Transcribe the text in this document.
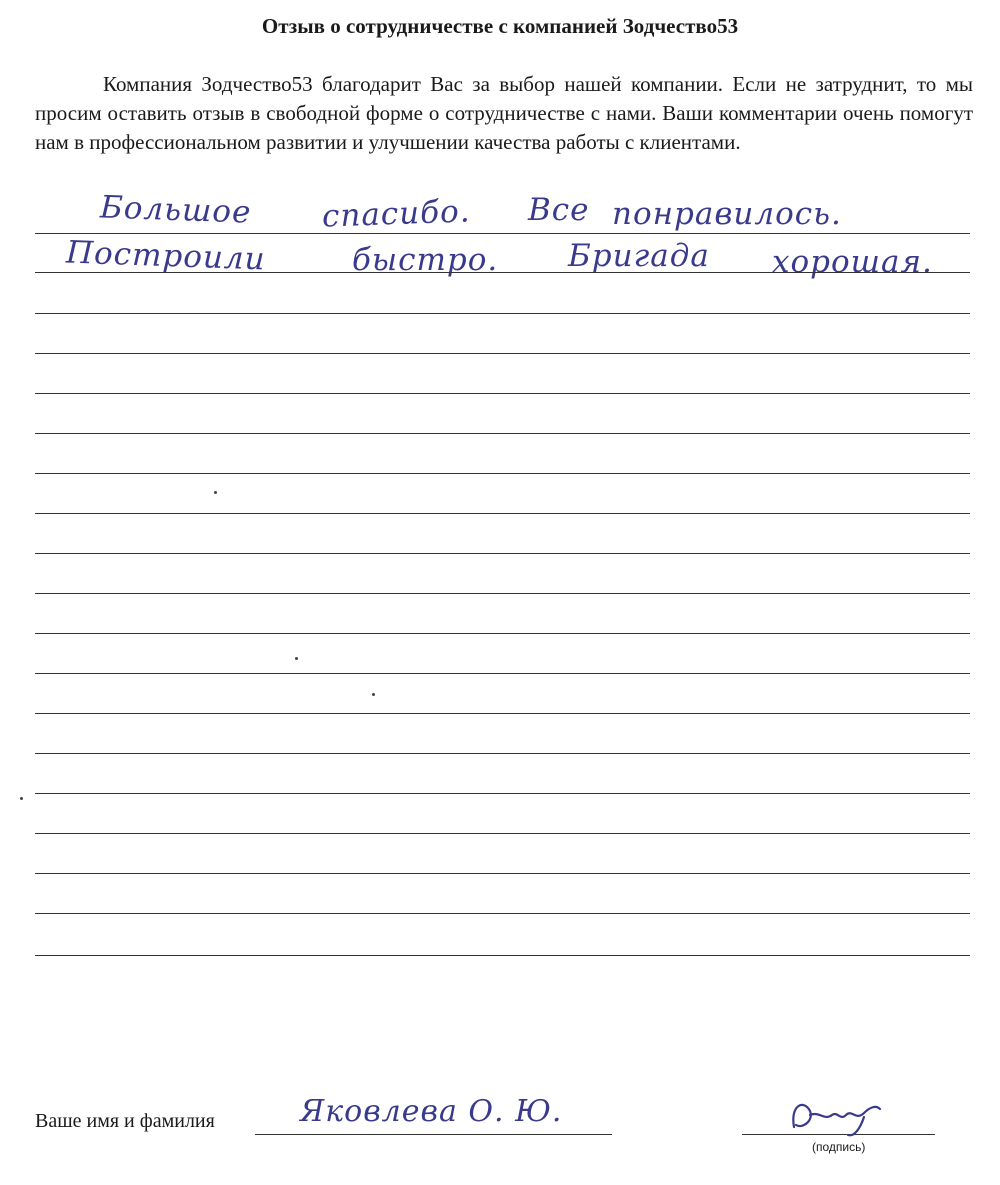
Отзыв о сотрудничестве с компанией Зодчество53
Компания Зодчество53 благодарит Вас за выбор нашей компании. Если не затруднит, то мы просим оставить отзыв в свободной форме о сотрудничестве с нами. Ваши комментарии очень помогут нам в профессиональном развитии и улучшении качества работы с клиентами.
Большое спасибо. Все понравилось.
Построили	быстро. Бригада хорошая.
Ваше имя и фамилия	Яковлева О. Ю.
(подпись)
